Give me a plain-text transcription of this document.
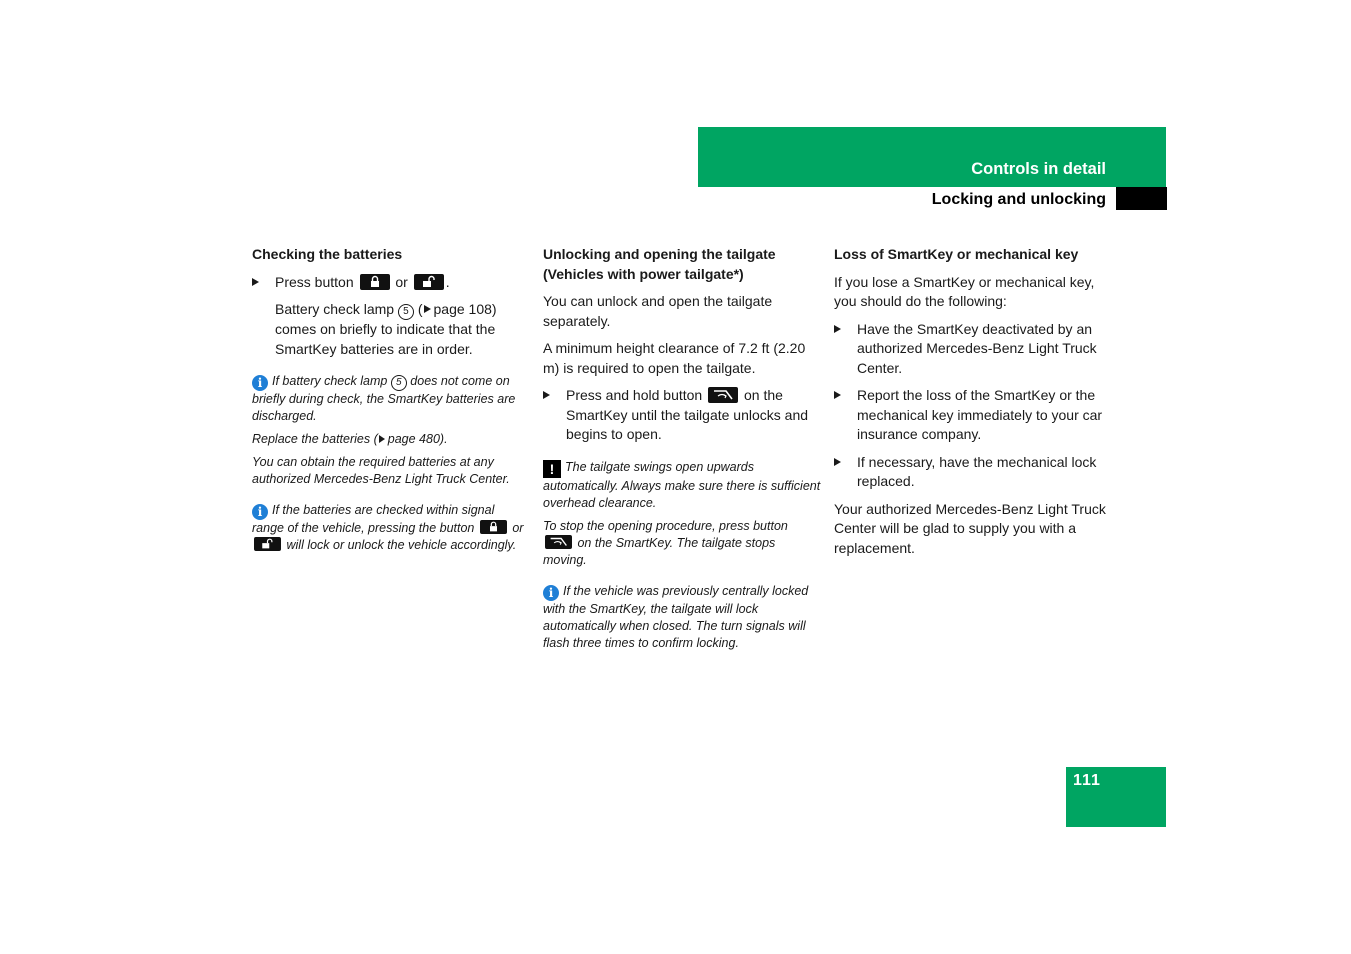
Controls in detail
Locking and unlocking
Checking the batteries
Press button	or	.
Battery check lamp 5 ( page 108) comes on briefly to indicate that the SmartKey batteries are in order.
i If battery check lamp 5 does not come on briefly during check, the SmartKey batteries are discharged.
Replace the batteries ( page 480).
You can obtain the required batteries at any authorized Mercedes-Benz Light Truck Center.
i If the batteries are checked within signal range of the vehicle, pressing the button	or
will lock or unlock the vehicle accordingly.
Unlocking and opening the tailgate (Vehicles with power tailgate*)
You can unlock and open the tailgate separately.
A minimum height clearance of 7.2 ft (2.20 m) is required to open the tailgate.
Press and hold button	on the SmartKey until the tailgate unlocks and begins to open.
! The tailgate swings open upwards automatically. Always make sure there is sufficient overhead clearance.
To stop the opening procedure, press button
on the SmartKey. The tailgate stops moving.
i If the vehicle was previously centrally locked with the SmartKey, the tailgate will lock automatically when closed. The turn signals will flash three times to confirm locking.
Loss of SmartKey or mechanical key
If you lose a SmartKey or mechanical key, you should do the following:
Have the SmartKey deactivated by an authorized Mercedes-Benz Light Truck Center.
Report the loss of the SmartKey or the mechanical key immediately to your car insurance company.
If necessary, have the mechanical lock replaced.
Your authorized Mercedes-Benz Light Truck Center will be glad to supply you with a replacement.
111
